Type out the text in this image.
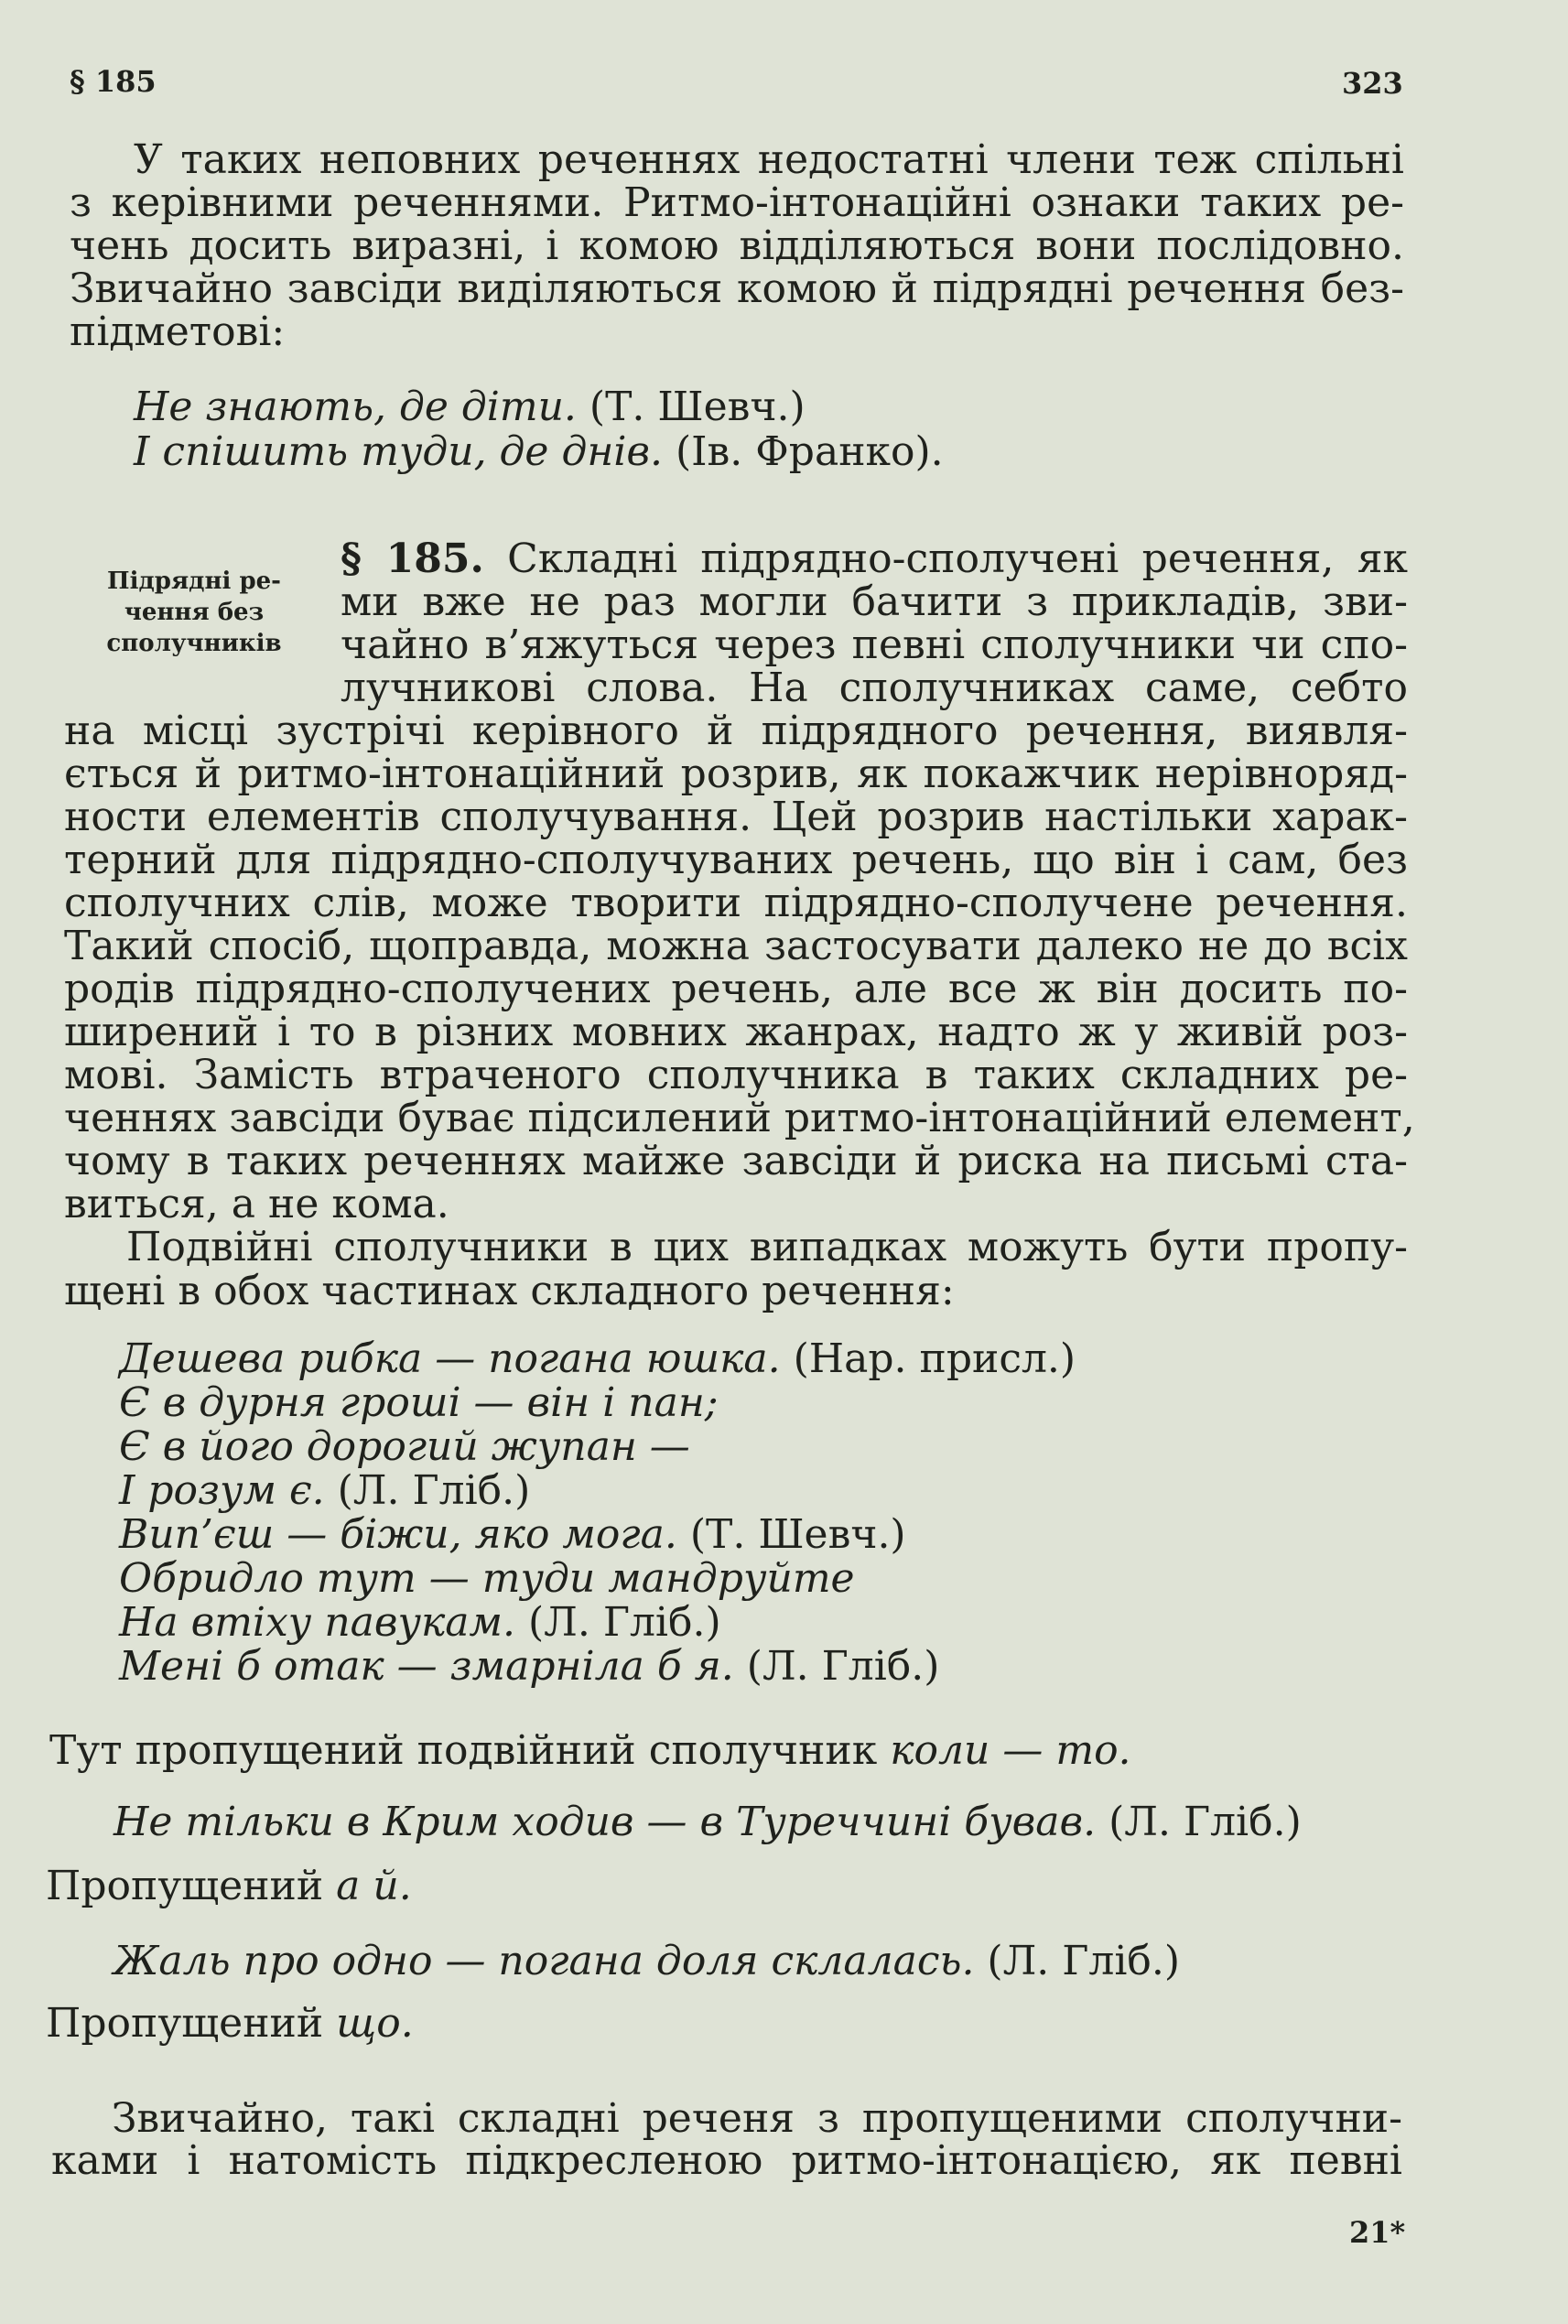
§ 185	323
У таких неповних реченнях недостатні члени теж спільні
з керівними реченнями. Ритмо-інтонаційні ознаки таких ре-
чень досить виразні, і комою відділяються вони послідовно.
Звичайно завсіди виділяються комою й підрядні речення без-
підметові:
Не знають, де діти. (Т. Шевч.)
І спішить туди, де днів. (Ів. Франко).
Підрядні ре-
чення без
сполучників
§ 185. Складні підрядно-сполучені речення, як
ми вже не раз могли бачити з прикладів, зви-
чайно в’яжуться через певні сполучники чи спо-
лучникові слова. На сполучниках саме, себто
на місці зустрічі керівного й підрядного речення, виявля-
ється й ритмо-інтонаційний розрив, як покажчик нерівноряд-
ности елементів сполучування. Цей розрив настільки харак-
терний для підрядно-сполучуваних речень, що він і сам, без
сполучних слів, може творити підрядно-сполучене речення.
Такий спосіб, щоправда, можна застосувати далеко не до всіх
родів підрядно-сполучених речень, але все ж він досить по-
ширений і то в різних мовних жанрах, надто ж у живій роз-
мові. Замість втраченого сполучника в таких складних ре-
ченнях завсіди буває підсилений ритмо-інтонаційний елемент,
чому в таких реченнях майже завсіди й риска на письмі ста-
виться, а не кома.
Подвійні сполучники в цих випадках можуть бути пропу-
щені в обох частинах складного речення:
Дешева рибка — погана юшка. (Нар. присл.)
Є в дурня гроші — він і пан;
Є в його дорогий жупан —
І розум є. (Л. Гліб.)
Вип’єш — біжи, яко мога. (Т. Шевч.)
Обридло тут — туди мандруйте
На втіху павукам. (Л. Гліб.)
Мені б отак — змарніла б я. (Л. Гліб.)
Тут пропущений подвійний сполучник коли — то.
Не тільки в Крим ходив — в Туреччині бував. (Л. Гліб.)
Пропущений а й.
Жаль про одно — погана доля склалась. (Л. Гліб.)
Пропущений що.
Звичайно, такі складні реченя з пропущеними сполучни-
ками і натомість підкресленою ритмо-інтонацією, як певні
21*
